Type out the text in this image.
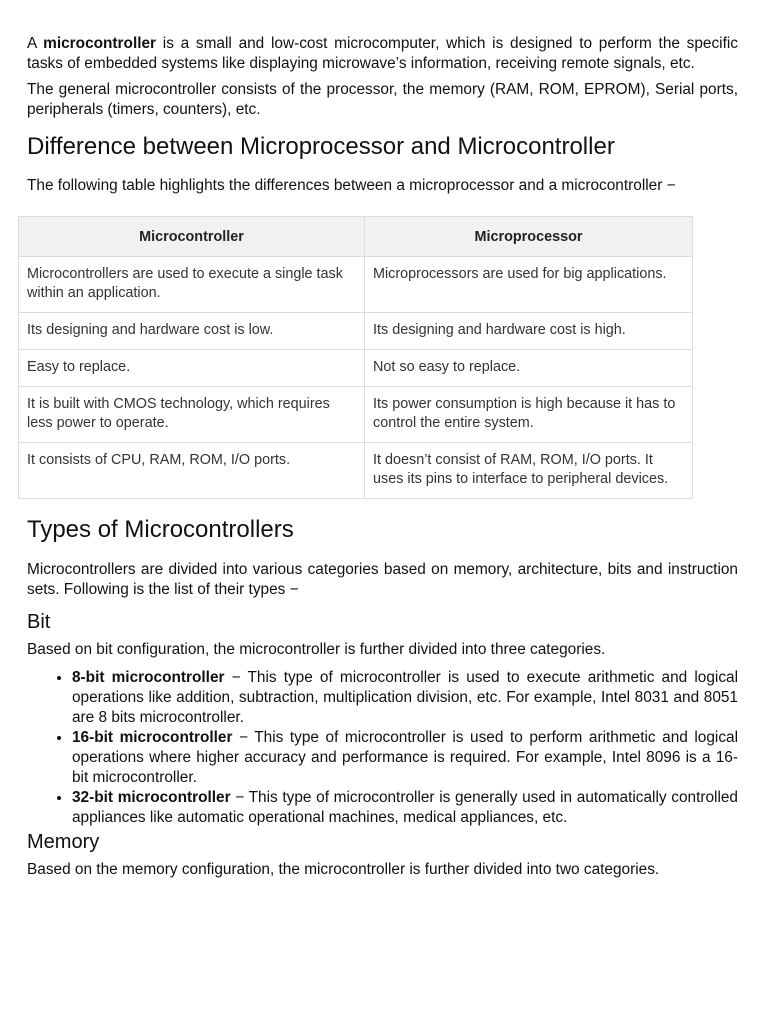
A microcontroller is a small and low-cost microcomputer, which is designed to perform the specific tasks of embedded systems like displaying microwave’s information, receiving remote signals, etc.

The general microcontroller consists of the processor, the memory (RAM, ROM, EPROM), Serial ports, peripherals (timers, counters), etc.

Difference between Microprocessor and Microcontroller

The following table highlights the differences between a microprocessor and a microcontroller −

Microcontroller	Microprocessor
Microcontrollers are used to execute a single task within an application.	Microprocessors are used for big applications.
Its designing and hardware cost is low.	Its designing and hardware cost is high.
Easy to replace.	Not so easy to replace.
It is built with CMOS technology, which requires less power to operate.	Its power consumption is high because it has to control the entire system.
It consists of CPU, RAM, ROM, I/O ports.	It doesn’t consist of RAM, ROM, I/O ports. It uses its pins to interface to peripheral devices.
Types of Microcontrollers

Microcontrollers are divided into various categories based on memory, architecture, bits and instruction sets. Following is the list of their types −

Bit

Based on bit configuration, the microcontroller is further divided into three categories.

• 8-bit microcontroller − This type of microcontroller is used to execute arithmetic and logical operations like addition, subtraction, multiplication division, etc. For example, Intel 8031 and 8051 are 8 bits microcontroller.
• 16-bit microcontroller − This type of microcontroller is used to perform arithmetic and logical operations where higher accuracy and performance is required. For example, Intel 8096 is a 16-bit microcontroller.
• 32-bit microcontroller − This type of microcontroller is generally used in automatically controlled appliances like automatic operational machines, medical appliances, etc.
Memory

Based on the memory configuration, the microcontroller is further divided into two categories.
